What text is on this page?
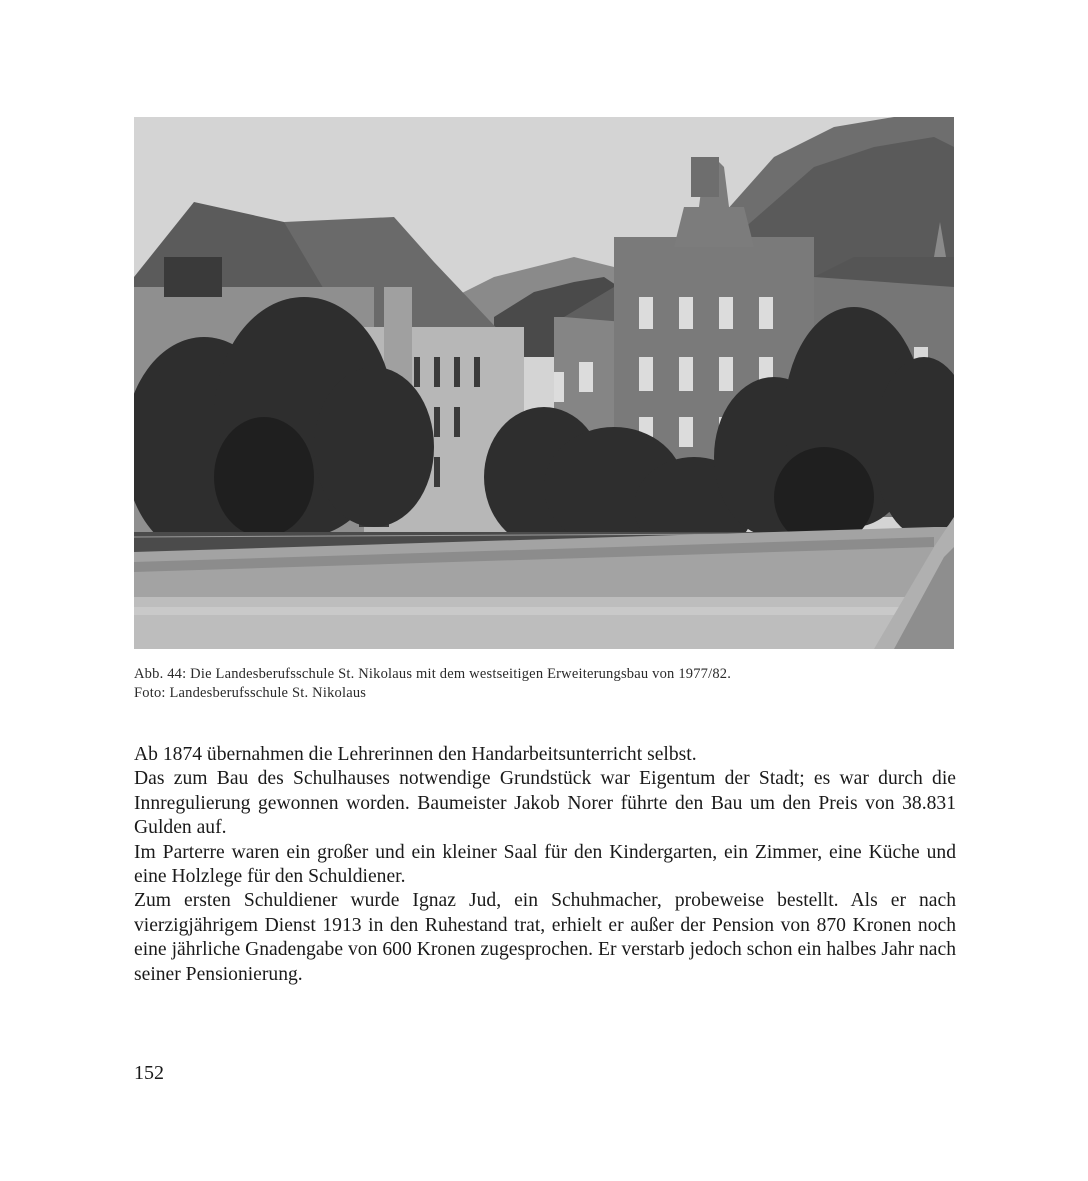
Abb. 44: Die Landesberufsschule St. Nikolaus mit dem westseitigen Erweiterungsbau von 1977/82.
Foto: Landesberufsschule St. Nikolaus

Ab 1874 übernahmen die Lehrerinnen den Handarbeitsunterricht selbst.

Das zum Bau des Schulhauses notwendige Grundstück war Eigentum der Stadt; es war durch die Innregulierung gewonnen worden. Baumeister Jakob Norer führte den Bau um den Preis von 38.831 Gulden auf.

Im Parterre waren ein großer und ein kleiner Saal für den Kindergarten, ein Zimmer, eine Küche und eine Holzlege für den Schuldiener.

Zum ersten Schuldiener wurde Ignaz Jud, ein Schuhmacher, probeweise bestellt. Als er nach vierzigjährigem Dienst 1913 in den Ruhestand trat, erhielt er außer der Pension von 870 Kronen noch eine jährliche Gnadengabe von 600 Kronen zugesprochen. Er verstarb jedoch schon ein halbes Jahr nach seiner Pensionierung.

152
